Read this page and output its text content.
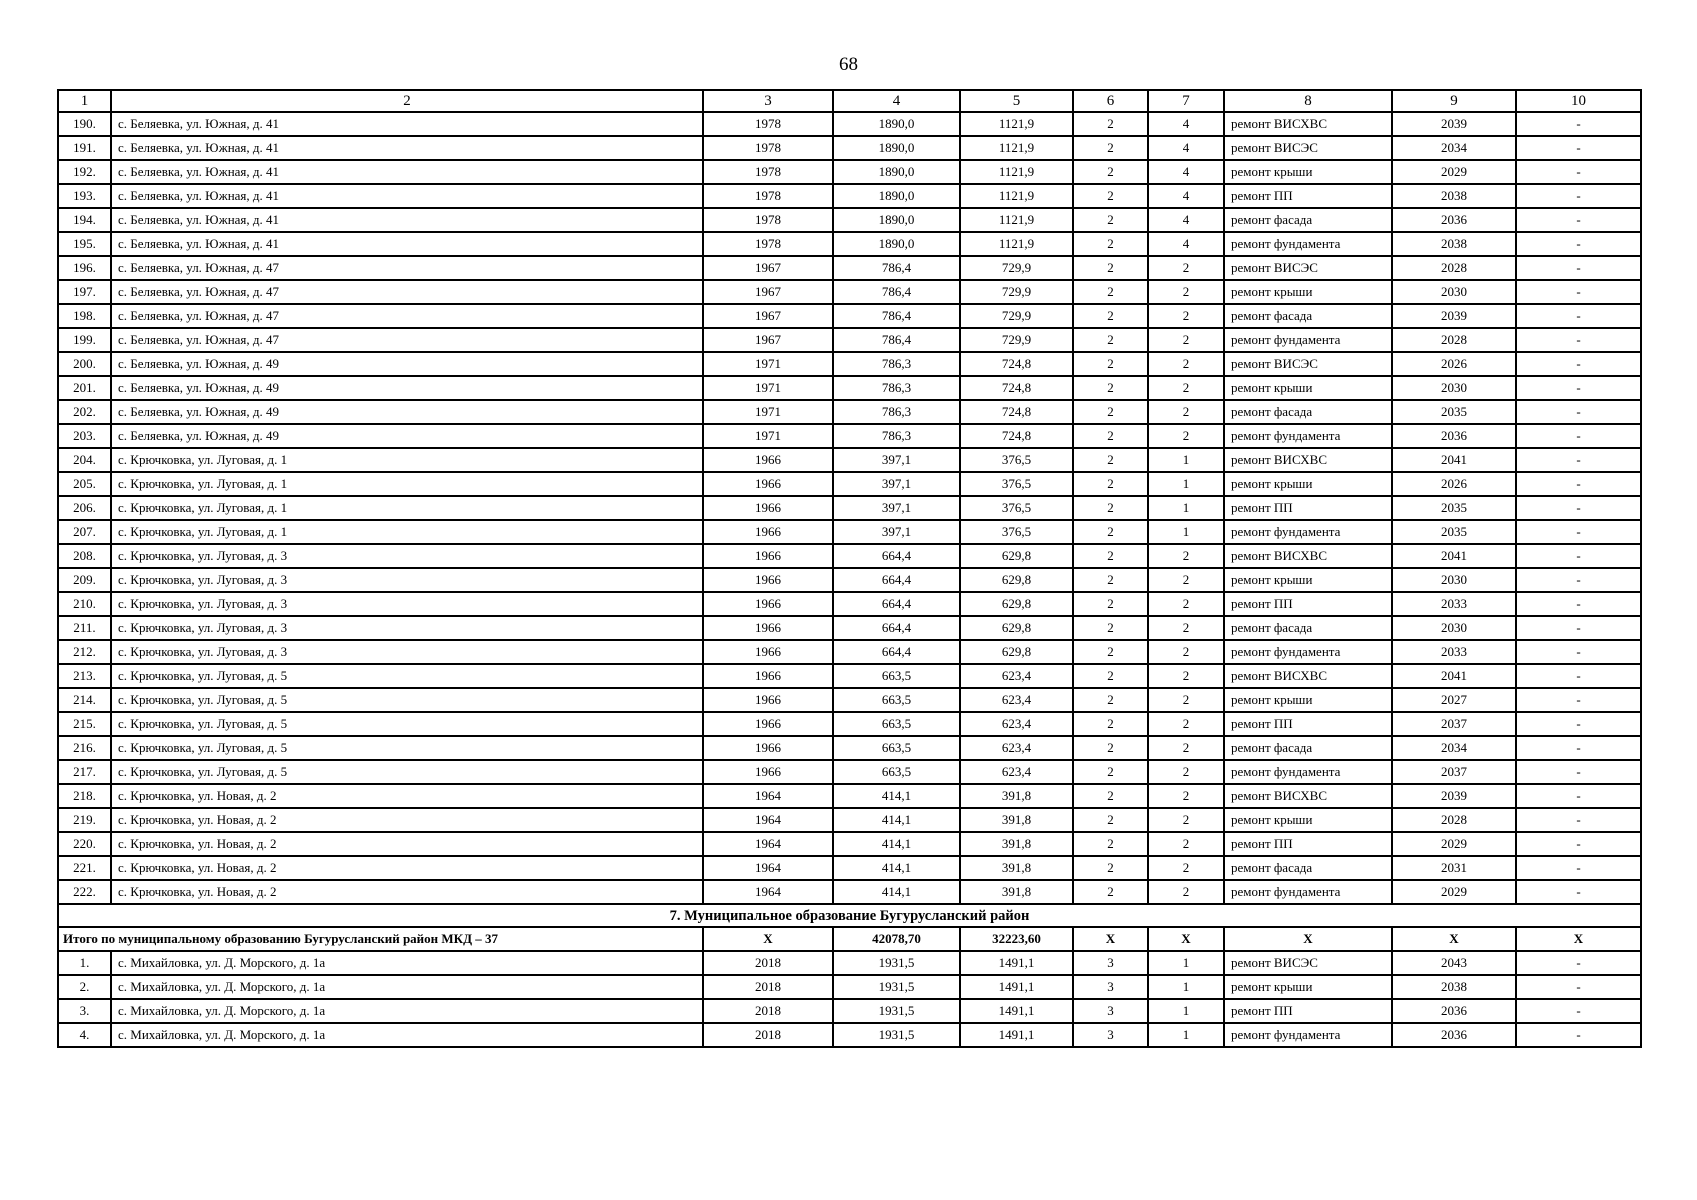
68
1	2	3	4	5	6	7	8	9	10
190.	с. Беляевка, ул. Южная, д. 41	1978	1890,0	1121,9	2	4	ремонт ВИСХВС	2039	-
191.	с. Беляевка, ул. Южная, д. 41	1978	1890,0	1121,9	2	4	ремонт ВИСЭС	2034	-
192.	с. Беляевка, ул. Южная, д. 41	1978	1890,0	1121,9	2	4	ремонт крыши	2029	-
193.	с. Беляевка, ул. Южная, д. 41	1978	1890,0	1121,9	2	4	ремонт ПП	2038	-
194.	с. Беляевка, ул. Южная, д. 41	1978	1890,0	1121,9	2	4	ремонт фасада	2036	-
195.	с. Беляевка, ул. Южная, д. 41	1978	1890,0	1121,9	2	4	ремонт фундамента	2038	-
196.	с. Беляевка, ул. Южная, д. 47	1967	786,4	729,9	2	2	ремонт ВИСЭС	2028	-
197.	с. Беляевка, ул. Южная, д. 47	1967	786,4	729,9	2	2	ремонт крыши	2030	-
198.	с. Беляевка, ул. Южная, д. 47	1967	786,4	729,9	2	2	ремонт фасада	2039	-
199.	с. Беляевка, ул. Южная, д. 47	1967	786,4	729,9	2	2	ремонт фундамента	2028	-
200.	с. Беляевка, ул. Южная, д. 49	1971	786,3	724,8	2	2	ремонт ВИСЭС	2026	-
201.	с. Беляевка, ул. Южная, д. 49	1971	786,3	724,8	2	2	ремонт крыши	2030	-
202.	с. Беляевка, ул. Южная, д. 49	1971	786,3	724,8	2	2	ремонт фасада	2035	-
203.	с. Беляевка, ул. Южная, д. 49	1971	786,3	724,8	2	2	ремонт фундамента	2036	-
204.	с. Крючковка, ул. Луговая, д. 1	1966	397,1	376,5	2	1	ремонт ВИСХВС	2041	-
205.	с. Крючковка, ул. Луговая, д. 1	1966	397,1	376,5	2	1	ремонт крыши	2026	-
206.	с. Крючковка, ул. Луговая, д. 1	1966	397,1	376,5	2	1	ремонт ПП	2035	-
207.	с. Крючковка, ул. Луговая, д. 1	1966	397,1	376,5	2	1	ремонт фундамента	2035	-
208.	с. Крючковка, ул. Луговая, д. 3	1966	664,4	629,8	2	2	ремонт ВИСХВС	2041	-
209.	с. Крючковка, ул. Луговая, д. 3	1966	664,4	629,8	2	2	ремонт крыши	2030	-
210.	с. Крючковка, ул. Луговая, д. 3	1966	664,4	629,8	2	2	ремонт ПП	2033	-
211.	с. Крючковка, ул. Луговая, д. 3	1966	664,4	629,8	2	2	ремонт фасада	2030	-
212.	с. Крючковка, ул. Луговая, д. 3	1966	664,4	629,8	2	2	ремонт фундамента	2033	-
213.	с. Крючковка, ул. Луговая, д. 5	1966	663,5	623,4	2	2	ремонт ВИСХВС	2041	-
214.	с. Крючковка, ул. Луговая, д. 5	1966	663,5	623,4	2	2	ремонт крыши	2027	-
215.	с. Крючковка, ул. Луговая, д. 5	1966	663,5	623,4	2	2	ремонт ПП	2037	-
216.	с. Крючковка, ул. Луговая, д. 5	1966	663,5	623,4	2	2	ремонт фасада	2034	-
217.	с. Крючковка, ул. Луговая, д. 5	1966	663,5	623,4	2	2	ремонт фундамента	2037	-
218.	с. Крючковка, ул. Новая, д. 2	1964	414,1	391,8	2	2	ремонт ВИСХВС	2039	-
219.	с. Крючковка, ул. Новая, д. 2	1964	414,1	391,8	2	2	ремонт крыши	2028	-
220.	с. Крючковка, ул. Новая, д. 2	1964	414,1	391,8	2	2	ремонт ПП	2029	-
221.	с. Крючковка, ул. Новая, д. 2	1964	414,1	391,8	2	2	ремонт фасада	2031	-
222.	с. Крючковка, ул. Новая, д. 2	1964	414,1	391,8	2	2	ремонт фундамента	2029	-
7. Муниципальное образование Бугурусланский район									
Итого по муниципальному образованию Бугурусланский район МКД – 37		Х	42078,70	32223,60	Х	Х	Х	Х	Х
1.	с. Михайловка, ул. Д. Морского, д. 1а	2018	1931,5	1491,1	3	1	ремонт ВИСЭС	2043	-
2.	с. Михайловка, ул. Д. Морского, д. 1а	2018	1931,5	1491,1	3	1	ремонт крыши	2038	-
3.	с. Михайловка, ул. Д. Морского, д. 1а	2018	1931,5	1491,1	3	1	ремонт ПП	2036	-
4.	с. Михайловка, ул. Д. Морского, д. 1а	2018	1931,5	1491,1	3	1	ремонт фундамента	2036	-
